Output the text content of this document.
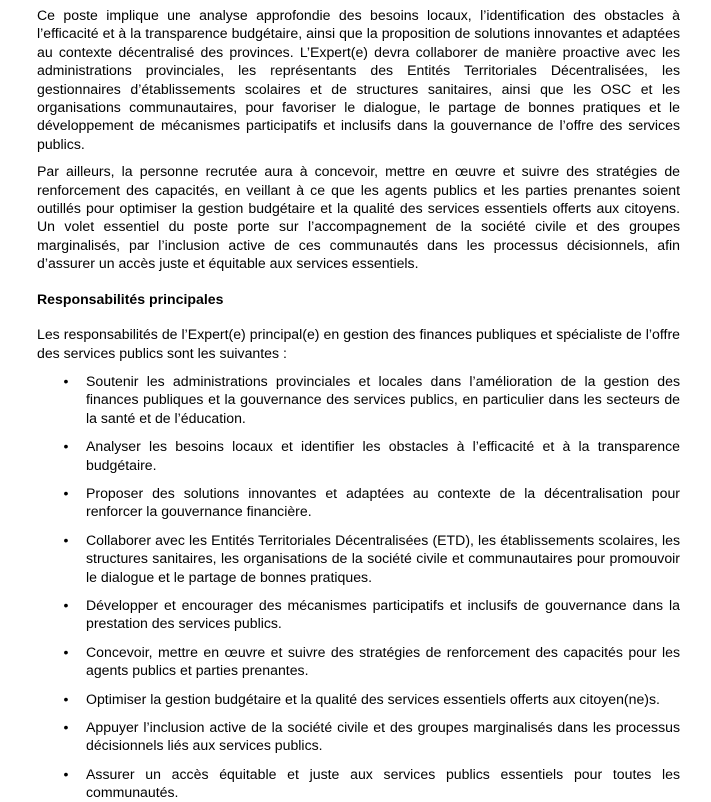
Ce poste implique une analyse approfondie des besoins locaux, l’identification des obstacles à l’efficacité et à la transparence budgétaire, ainsi que la proposition de solutions innovantes et adaptées au contexte décentralisé des provinces. L’Expert(e) devra collaborer de manière proactive avec les administrations provinciales, les représentants des Entités Territoriales Décentralisées, les gestionnaires d’établissements scolaires et de structures sanitaires, ainsi que les OSC et les organisations communautaires, pour favoriser le dialogue, le partage de bonnes pratiques et le développement de mécanismes participatifs et inclusifs dans la gouvernance de l’offre des services publics.

Par ailleurs, la personne recrutée aura à concevoir, mettre en œuvre et suivre des stratégies de renforcement des capacités, en veillant à ce que les agents publics et les parties prenantes soient outillés pour optimiser la gestion budgétaire et la qualité des services essentiels offerts aux citoyens. Un volet essentiel du poste porte sur l’accompagnement de la société civile et des groupes marginalisés, par l’inclusion active de ces communautés dans les processus décisionnels, afin d’assurer un accès juste et équitable aux services essentiels.

Responsabilités principales

Les responsabilités de l’Expert(e) principal(e) en gestion des finances publiques et spécialiste de l’offre des services publics sont les suivantes :

• Soutenir les administrations provinciales et locales dans l’amélioration de la gestion des finances publiques et la gouvernance des services publics, en particulier dans les secteurs de la santé et de l’éducation.
• Analyser les besoins locaux et identifier les obstacles à l’efficacité et à la transparence budgétaire.
• Proposer des solutions innovantes et adaptées au contexte de la décentralisation pour renforcer la gouvernance financière.
• Collaborer avec les Entités Territoriales Décentralisées (ETD), les établissements scolaires, les structures sanitaires, les organisations de la société civile et communautaires pour promouvoir le dialogue et le partage de bonnes pratiques.
• Développer et encourager des mécanismes participatifs et inclusifs de gouvernance dans la prestation des services publics.
• Concevoir, mettre en œuvre et suivre des stratégies de renforcement des capacités pour les agents publics et parties prenantes.
• Optimiser la gestion budgétaire et la qualité des services essentiels offerts aux citoyen(ne)s.
• Appuyer l’inclusion active de la société civile et des groupes marginalisés dans les processus décisionnels liés aux services publics.
• Assurer un accès équitable et juste aux services publics essentiels pour toutes les communautés.
